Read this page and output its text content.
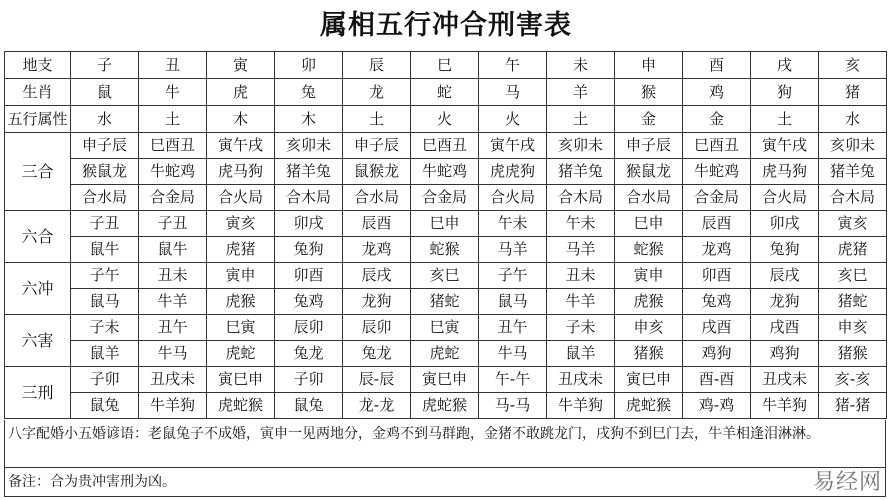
属相五行冲合刑害表
地支	子	丑	寅	卯	辰	巳	午	未	申	酉	戌	亥
生肖	鼠	牛	虎	兔	龙	蛇	马	羊	猴	鸡	狗	猪
五行属性	水	土	木	木	土	火	火	土	金	金	土	水
三合	申子辰	巳酉丑	寅午戌	亥卯未	申子辰	巳酉丑	寅午戌	亥卯未	申子辰	巳酉丑	寅午戌	亥卯未
	猴鼠龙	牛蛇鸡	虎马狗	猪羊兔	鼠猴龙	牛蛇鸡	虎虎狗	猪羊兔	猴鼠龙	牛蛇鸡	虎马狗	猪羊兔
	合水局	合金局	合火局	合木局	合水局	合金局	合火局	合木局	合水局	合金局	合火局	合木局
六合	子丑	子丑	寅亥	卯戌	辰酉	巳申	午未	午未	巳申	辰酉	卯戌	寅亥
	鼠牛	鼠牛	虎猪	兔狗	龙鸡	蛇猴	马羊	马羊	蛇猴	龙鸡	兔狗	虎猪
六冲	子午	丑未	寅申	卯酉	辰戌	亥巳	子午	丑未	寅申	卯酉	辰戌	亥巳
	鼠马	牛羊	虎猴	兔鸡	龙狗	猪蛇	鼠马	牛羊	虎猴	兔鸡	龙狗	猪蛇
六害	子未	丑午	巳寅	辰卯	辰卯	巳寅	丑午	子未	申亥	戌酉	戌酉	申亥
	鼠羊	牛马	虎蛇	兔龙	兔龙	虎蛇	牛马	鼠羊	猪猴	鸡狗	鸡狗	猪猴
三刑	子卯	丑戌未	寅巳申	子卯	辰-辰	寅巳申	午-午	丑戌未	寅巳申	酉-酉	丑戌未	亥-亥
	鼠兔	牛羊狗	虎蛇猴	鼠兔	龙-龙	虎蛇猴	马-马	牛羊狗	虎蛇猴	鸡-鸡	牛羊狗	猪-猪
八字配婚小五婚谚语：老鼠兔子不成婚，寅申一见两地分，金鸡不到马群跑，金猪不敢跳龙门，戌狗不到巳门去，牛羊相逢泪淋淋。
备注：合为贵冲害刑为凶。	易经网
